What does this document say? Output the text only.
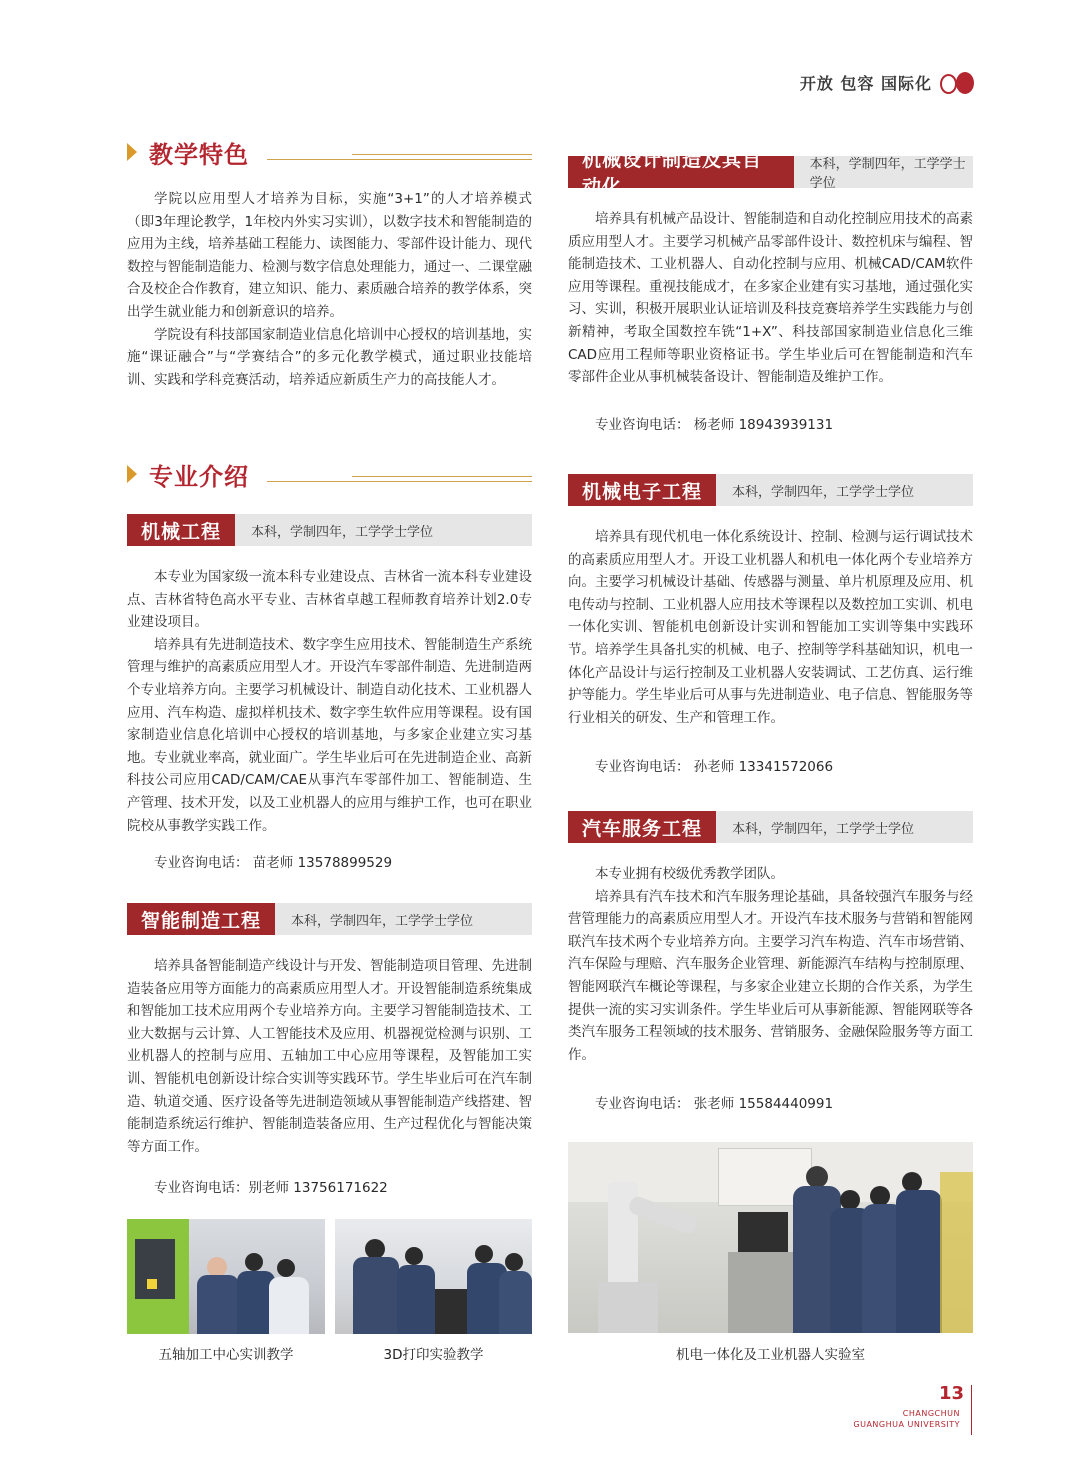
开放 包容 国际化
教学特色

学院以应用型人才培养为目标，实施“3+1”的人才培养模式（即3年理论教学，1年校内外实习实训），以数字技术和智能制造的应用为主线，培养基础工程能力、读图能力、零部件设计能力、现代数控与智能制造能力、检测与数字信息处理能力，通过一、二课堂融合及校企合作教育，建立知识、能力、素质融合培养的教学体系，突出学生就业能力和创新意识的培养。

学院设有科技部国家制造业信息化培训中心授权的培训基地，实施“课证融合”与“学赛结合”的多元化教学模式，通过职业技能培训、实践和学科竞赛活动，培养适应新质生产力的高技能人才。

专业介绍
机械工程	本科，学制四年，工学学士学位

本专业为国家级一流本科专业建设点、吉林省一流本科专业建设点、吉林省特色高水平专业、吉林省卓越工程师教育培养计划2.0专业建设项目。

培养具有先进制造技术、数字孪生应用技术、智能制造生产系统管理与维护的高素质应用型人才。开设汽车零部件制造、先进制造两个专业培养方向。主要学习机械设计、制造自动化技术、工业机器人应用、汽车构造、虚拟样机技术、数字孪生软件应用等课程。设有国家制造业信息化培训中心授权的培训基地，与多家企业建立实习基地。专业就业率高，就业面广。学生毕业后可在先进制造企业、高新科技公司应用CAD/CAM/CAE从事汽车零部件加工、智能制造、生产管理、技术开发，以及工业机器人的应用与维护工作，也可在职业院校从事教学实践工作。

专业咨询电话： 苗老师 13578899529
智能制造工程	本科，学制四年，工学学士学位

培养具备智能制造产线设计与开发、智能制造项目管理、先进制造装备应用等方面能力的高素质应用型人才。开设智能制造系统集成和智能加工技术应用两个专业培养方向。主要学习智能制造技术、工业大数据与云计算、人工智能技术及应用、机器视觉检测与识别、工业机器人的控制与应用、五轴加工中心应用等课程，及智能加工实训、智能机电创新设计综合实训等实践环节。学生毕业后可在汽车制造、轨道交通、医疗设备等先进制造领域从事智能制造产线搭建、智能制造系统运行维护、智能制造装备应用、生产过程优化与智能决策等方面工作。

专业咨询电话：别老师 13756171622
五轴加工中心实训教学	3D打印实验教学
机械设计制造及其自动化
本科，学制四年，工学学士学位

培养具有机械产品设计、智能制造和自动化控制应用技术的高素质应用型人才。主要学习机械产品零部件设计、数控机床与编程、智能制造技术、工业机器人、自动化控制与应用、机械CAD/CAM软件应用等课程。重视技能成才，在多家企业建有实习基地，通过强化实习、实训，积极开展职业认证培训及科技竞赛培养学生实践能力与创新精神，考取全国数控车铣“1+X”、科技部国家制造业信息化三维CAD应用工程师等职业资格证书。学生毕业后可在智能制造和汽车零部件企业从事机械装备设计、智能制造及维护工作。

专业咨询电话： 杨老师 18943939131
机械电子工程	本科，学制四年，工学学士学位

培养具有现代机电一体化系统设计、控制、检测与运行调试技术的高素质应用型人才。开设工业机器人和机电一体化两个专业培养方向。主要学习机械设计基础、传感器与测量、单片机原理及应用、机电传动与控制、工业机器人应用技术等课程以及数控加工实训、机电一体化实训、智能机电创新设计实训和智能加工实训等集中实践环节。培养学生具备扎实的机械、电子、控制等学科基础知识，机电一体化产品设计与运行控制及工业机器人安装调试、工艺仿真、运行维护等能力。学生毕业后可从事与先进制造业、电子信息、智能服务等行业相关的研发、生产和管理工作。

专业咨询电话： 孙老师 13341572066
汽车服务工程	本科，学制四年，工学学士学位

本专业拥有校级优秀教学团队。

培养具有汽车技术和汽车服务理论基础，具备较强汽车服务与经营管理能力的高素质应用型人才。开设汽车技术服务与营销和智能网联汽车技术两个专业培养方向。主要学习汽车构造、汽车市场营销、汽车保险与理赔、汽车服务企业管理、新能源汽车结构与控制原理、智能网联汽车概论等课程，与多家企业建立长期的合作关系，为学生提供一流的实习实训条件。学生毕业后可从事新能源、智能网联等各类汽车服务工程领域的技术服务、营销服务、金融保险服务等方面工作。

专业咨询电话： 张老师 15584440991
机电一体化及工业机器人实验室
13
CHANGCHUN
GUANGHUA UNIVERSITY
